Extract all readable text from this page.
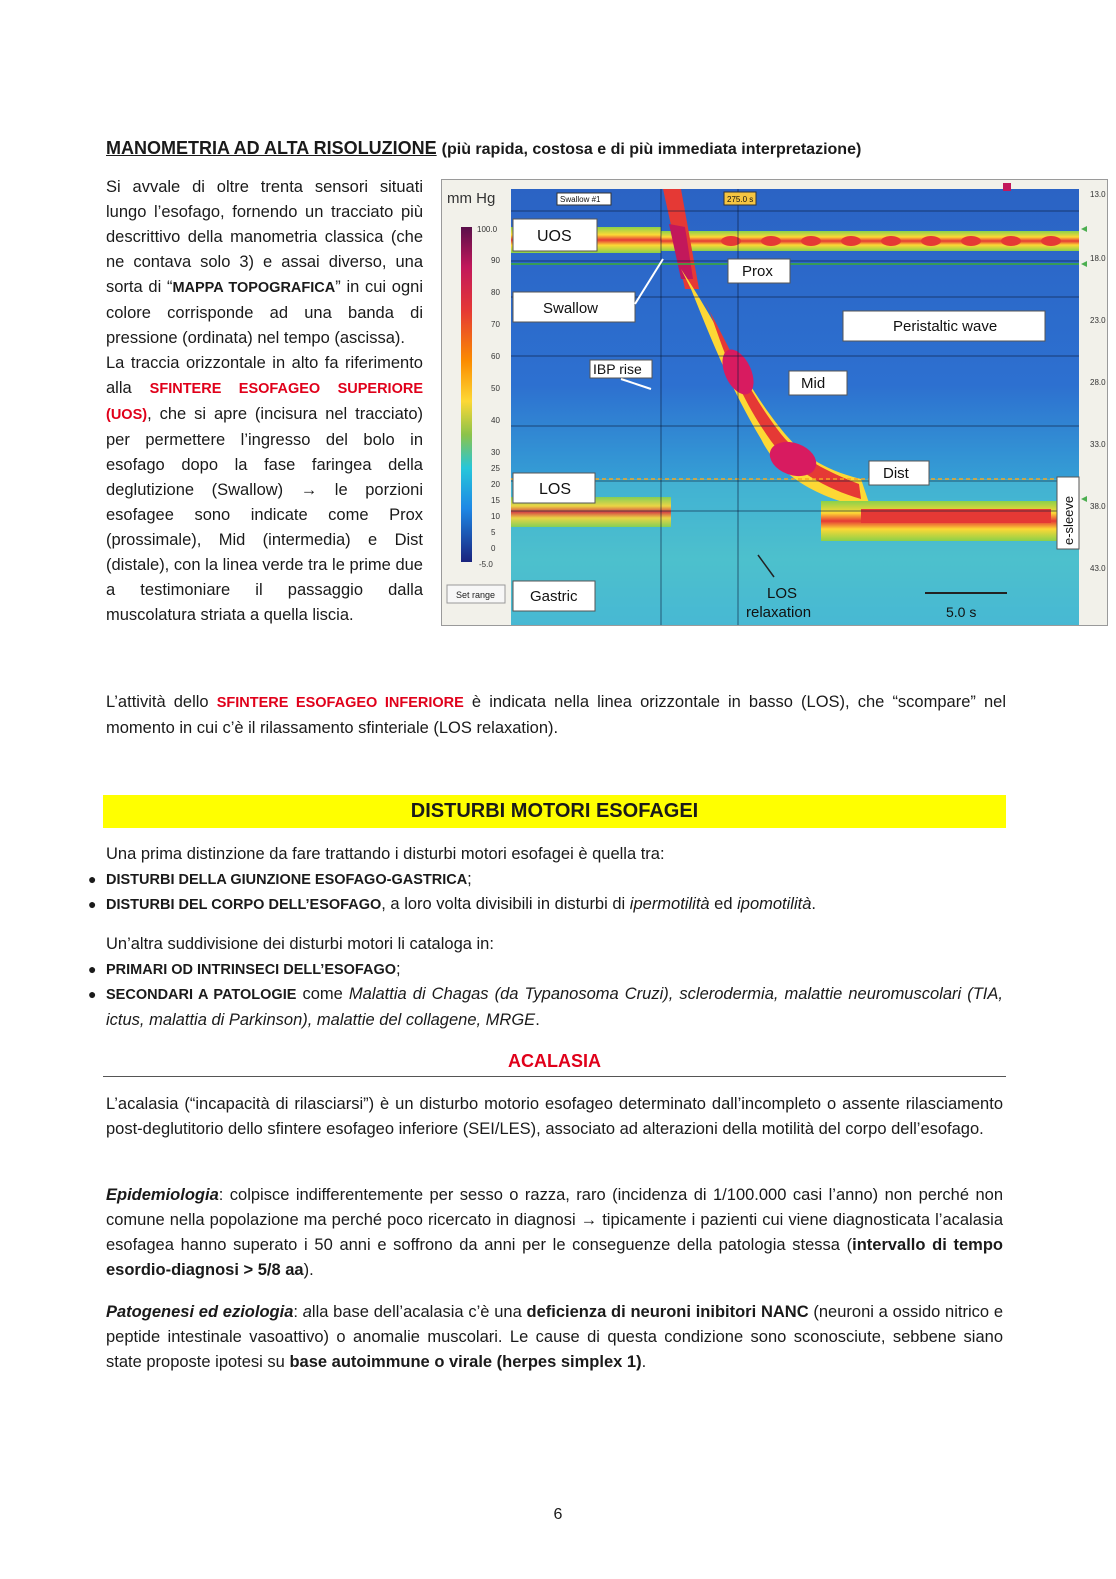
MANOMETRIA AD ALTA RISOLUZIONE (più rapida, costosa e di più immediata interpretazione)

Si avvale di oltre trenta sensori situati lungo l’esofago, fornendo un tracciato più descrittivo della manometria classica (che ne contava solo 3) e assai diverso, una sorta di “MAPPA TOPOGRAFICA” in cui ogni colore corrisponde ad una banda di pressione (ordinata) nel tempo (ascissa).

La traccia orizzontale in alto fa riferimento alla SFINTERE ESOFAGEO SUPERIORE (UOS), che si apre (incisura nel tracciato) per permettere l’ingresso del bolo in esofago dopo la fase faringea della deglutizione (Swallow) → le porzioni esofagee sono indicate come Prox (prossimale), Mid (intermedia) e Dist (distale), con la linea verde tra le prime due a testimoniare il passaggio dalla muscolatura striata a quella liscia.

mm Hg
100.0
90
80
70
60
50
40
30
25
20
15
10
5
0
-5.0
Set range
Swallow #1	275.0 s
UOS
Swallow
IBP rise
LOS
Gastric
Prox
Peristaltic wave
Mid
Dist
LOS
relaxation	5.0 s
e-sleeve
13.0
18.0
23.0
28.0
33.0
38.0
43.0

L’attività dello SFINTERE ESOFAGEO INFERIORE è indicata nella linea orizzontale in basso (LOS), che “scompare” nel momento in cui c’è il rilassamento sfinteriale (LOS relaxation).

DISTURBI MOTORI ESOFAGEI

Una prima distinzione da fare trattando i disturbi motori esofagei è quella tra:

● DISTURBI DELLA GIUNZIONE ESOFAGO-GASTRICA;

● DISTURBI DEL CORPO DELL’ESOFAGO, a loro volta divisibili in disturbi di ipermotilità ed ipomotilità.

Un’altra suddivisione dei disturbi motori li cataloga in:

● PRIMARI OD INTRINSECI DELL’ESOFAGO;

● SECONDARI A PATOLOGIE come Malattia di Chagas (da Typanosoma Cruzi), sclerodermia, malattie neuromuscolari (TIA, ictus, malattia di Parkinson), malattie del collagene, MRGE.

ACALASIA

L’acalasia (“incapacità di rilasciarsi”) è un disturbo motorio esofageo determinato dall’incompleto o assente rilasciamento post-deglutitorio dello sfintere esofageo inferiore (SEI/LES), associato ad alterazioni della motilità del corpo dell’esofago.

Epidemiologia: colpisce indifferentemente per sesso o razza, raro (incidenza di 1/100.000 casi l’anno) non perché non comune nella popolazione ma perché poco ricercato in diagnosi → tipicamente i pazienti cui viene diagnosticata l’acalasia esofagea hanno superato i 50 anni e soffrono da anni per le conseguenze della patologia stessa (intervallo di tempo esordio-diagnosi > 5/8 aa).

Patogenesi ed eziologia: alla base dell’acalasia c’è una deficienza di neuroni inibitori NANC (neuroni a ossido nitrico e peptide intestinale vasoattivo) o anomalie muscolari. Le cause di questa condizione sono sconosciute, sebbene siano state proposte ipotesi su base autoimmune o virale (herpes simplex 1).

6
